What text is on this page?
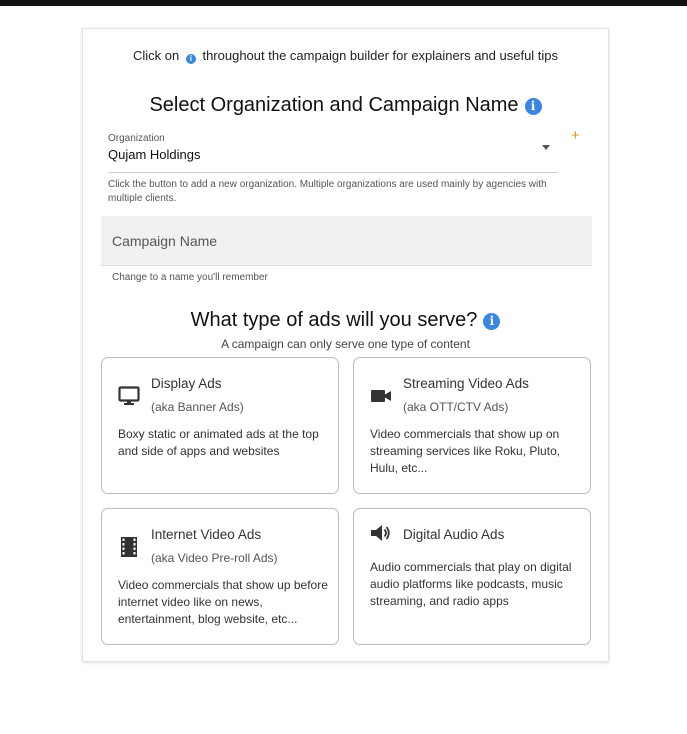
Click on i throughout the campaign builder for explainers and useful tips
Select Organization and Campaign Name i
Organization
Qujam Holdings
+
Click the button to add a new organization. Multiple organizations are used mainly by agencies with multiple clients.
Campaign Name
Change to a name you'll remember
What type of ads will you serve? i
A campaign can only serve one type of content
Display Ads
(aka Banner Ads)
Boxy static or animated ads at the top and side of apps and websites
Streaming Video Ads
(aka OTT/CTV Ads)
Video commercials that show up on streaming services like Roku, Pluto, Hulu, etc...
Internet Video Ads
(aka Video Pre-roll Ads)
Video commercials that show up before internet video like on news, entertainment, blog website, etc...
Digital Audio Ads
Audio commercials that play on digital audio platforms like podcasts, music streaming, and radio apps
